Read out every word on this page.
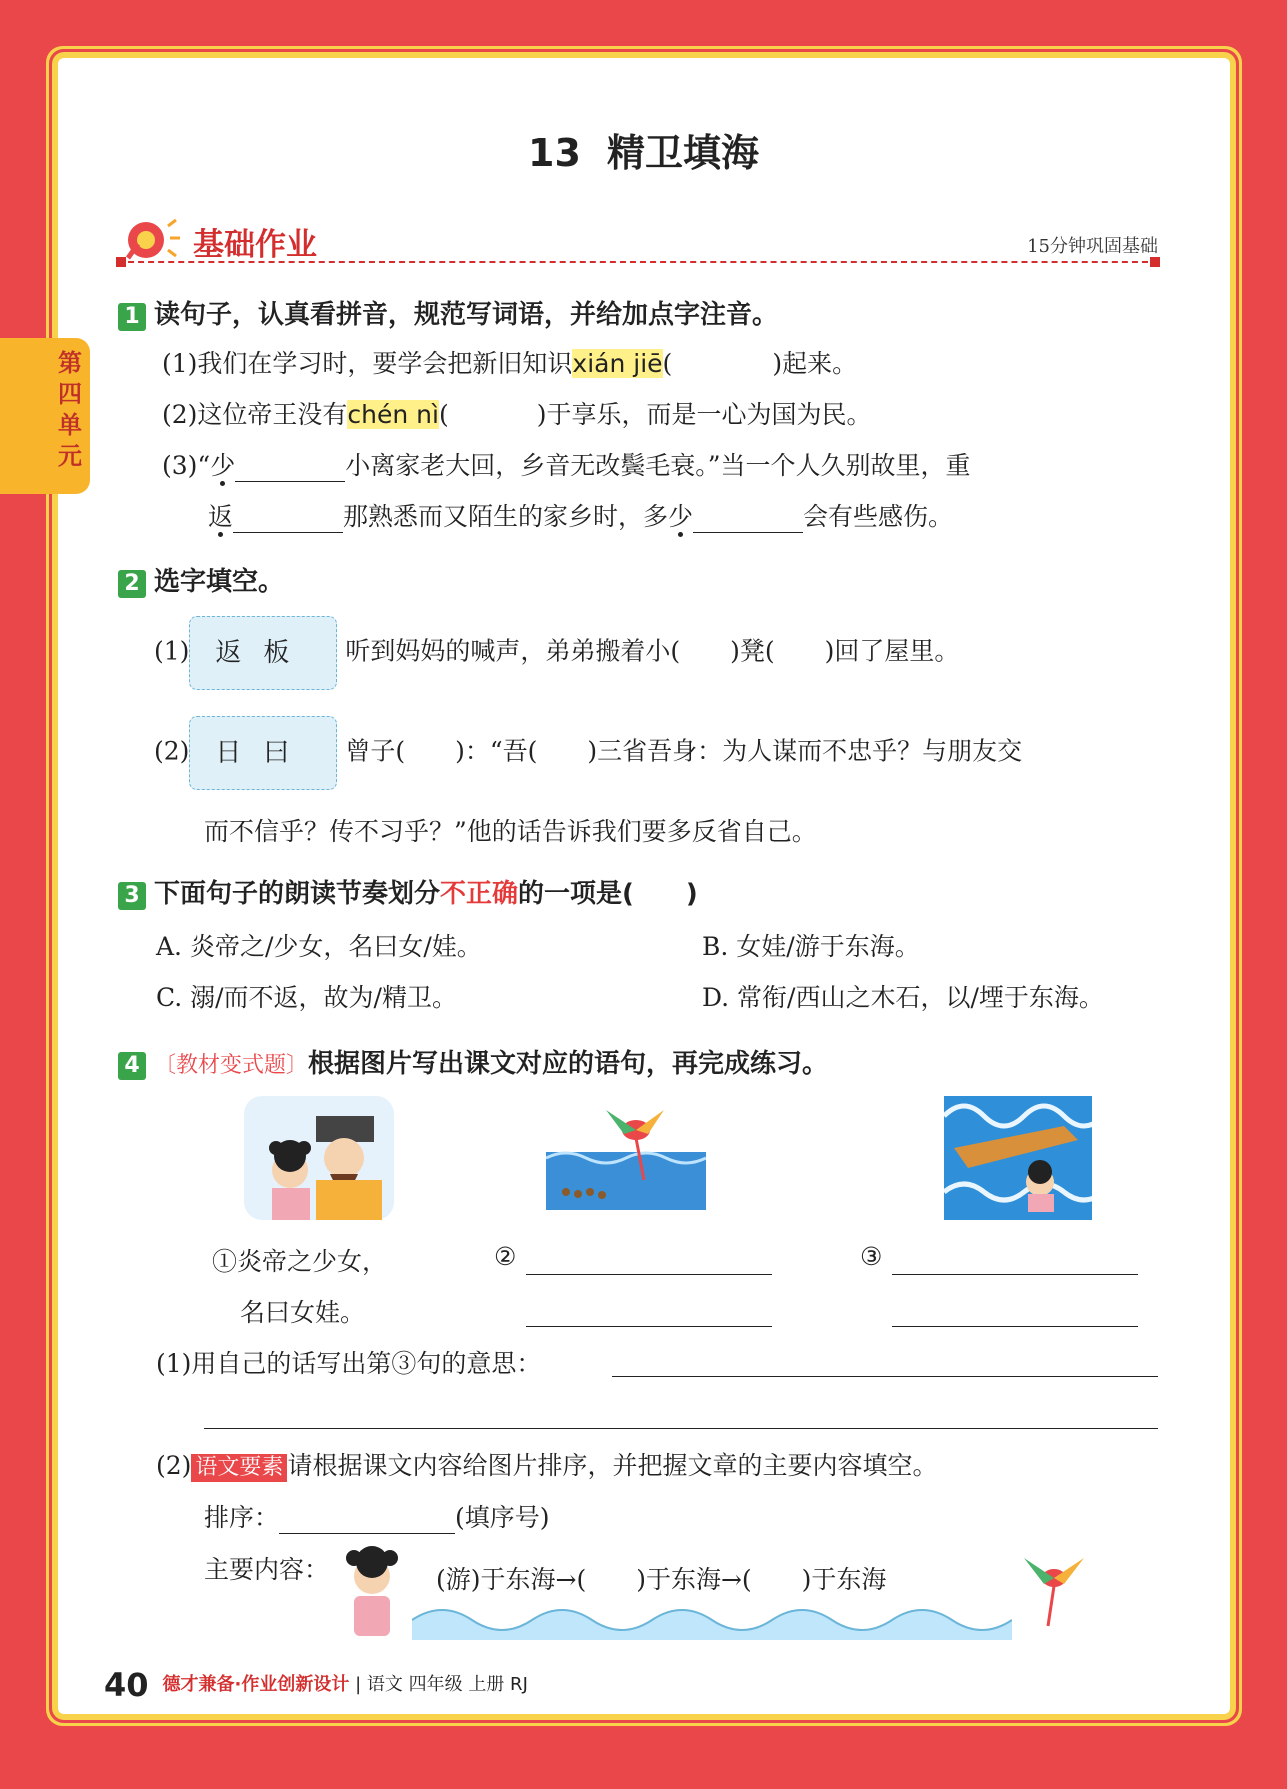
第四单元
13 精卫填海
基础作业	15分钟巩固基础
1 读句子，认真看拼音，规范写词语，并给加点字注音。
(1)我们在学习时，要学会把新旧知识xián jiē(	)起来。
(2)这位帝王没有chén nì(	)于享乐，而是一心为国为民。
(3)“少	小离家老大回，乡音无改鬓毛衰。”当一个人久别故里，重
返	那熟悉而又陌生的家乡时，多少	会有些感伤。
2 选字填空。
(1) 返板 听到妈妈的喊声，弟弟搬着小(　　)凳(　　)回了屋里。
(2) 日曰 曾子(　　)：“吾(　　)三省吾身：为人谋而不忠乎？与朋友交
而不信乎？传不习乎？”他的话告诉我们要多反省自己。
3 下面句子的朗读节奏划分不正确的一项是(　　)
A. 炎帝之/少女，名曰女/娃。	B. 女娃/游于东海。
C. 溺/而不返，故为/精卫。	D. 常衔/西山之木石，以/堙于东海。
4 〔教材变式题〕根据图片写出课文对应的语句，再完成练习。
①炎帝之少女，
名曰女娃。
②	③
(1)用自己的话写出第③句的意思：
(2) 语文要素 请根据课文内容给图片排序，并把握文章的主要内容填空。
排序：	(填序号)
主要内容：	(游)于东海→(　　)于东海→(　　)于东海
40 德才兼备·作业创新设计 | 语文 四年级 上册 RJ
